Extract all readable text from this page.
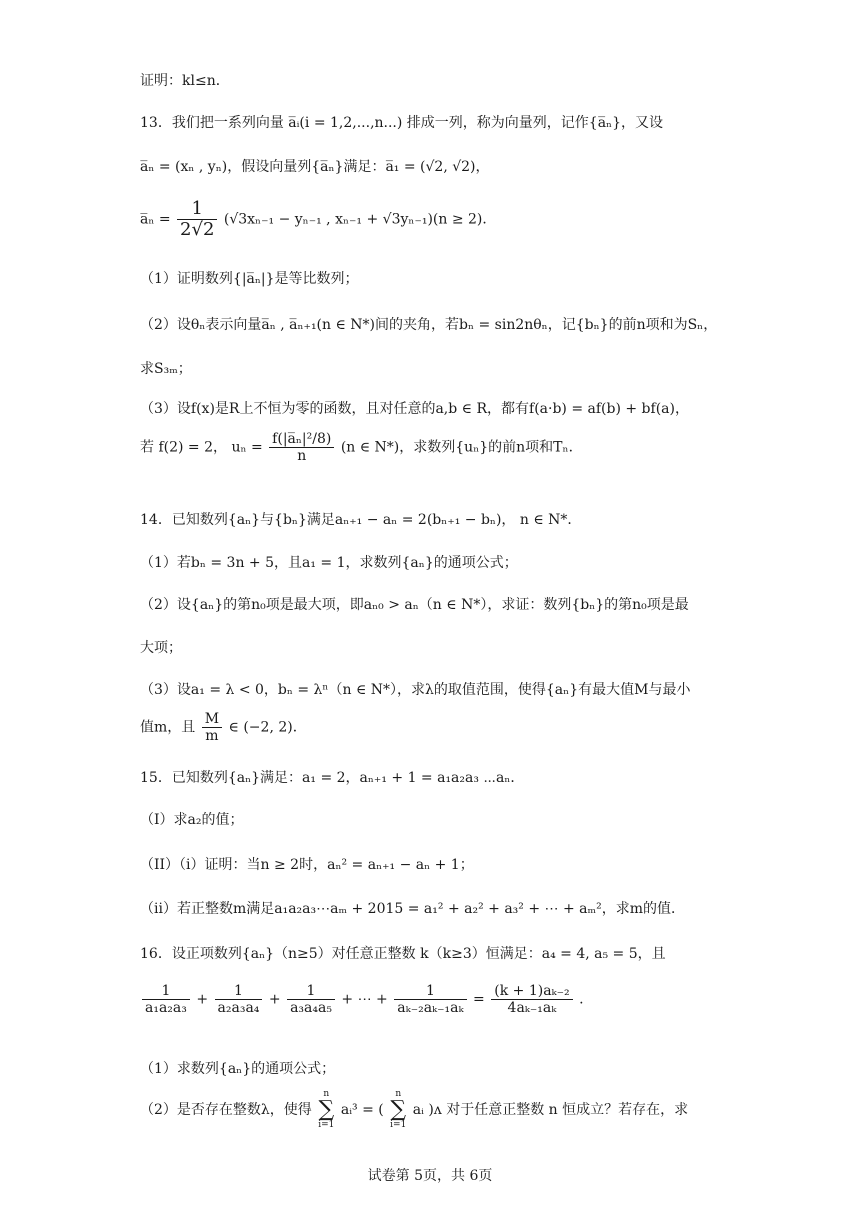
证明：kl≤n．
13．我们把一系列向量 a̅ᵢ(i = 1,2,...,n...) 排成一列，称为向量列，记作{a̅ₙ}，又设
a̅ₙ = (xₙ , yₙ)，假设向量列{a̅ₙ}满足：a̅₁ = (√2, √2)，
a̅ₙ = $\frac{1}{2√2} (√3x_{n-1} - y_{n-1}$ , xₙ₋₁ + √3yₙ₋₁)(n ≥ 2)．
（1）证明数列{|a̅ₙ|}是等比数列；
（2）设θₙ表示向量a̅ₙ , a̅ₙ₊₁(n ∈ N*)间的夹角，若bₙ = sin2nθₙ，记{bₙ}的前n项和为Sₙ，
求S₃ₘ；
（3）设f(x)是R上不恒为零的函数，且对任意的a,b ∈ R，都有f(a·b) = af(b) + bf(a)，
若 f(2) = 2， $u_n = \frac{\text{f(|a̅ₙ|²/8)}}{n} (n$ ∈ N*)，求数列{uₙ}的前n项和Tₙ．
14．已知数列{aₙ}与{bₙ}满足aₙ₊₁ − aₙ = 2(bₙ₊₁ − bₙ)， n ∈ N*．
（1）若bₙ = 3n + 5，且a₁ = 1，求数列{aₙ}的通项公式；
（2）设{aₙ}的第n₀项是最大项，即aₙ₀ > aₙ（n ∈ N*），求证：数列{bₙ}的第n₀项是最
大项；
（3）设a₁ = λ < 0，bₙ = λⁿ（n ∈ N*），求λ的取值范围，使得{aₙ}有最大值M与最小
值m，且 $\frac{M}{m}$ ∈ (−2, 2)．
15．已知数列{aₙ}满足：a₁ = 2，aₙ₊₁ + 1 = a₁a₂a₃ ⋯aₙ．
（I）求a₂的值；
（II）（i）证明：当n ≥ 2时，aₙ² = aₙ₊₁ − aₙ + 1；
（ii）若正整数m满足a₁a₂a₃⋯aₘ + 2015 = a₁² + a₂² + a₃² + ⋯ + aₘ²，求m的值．
16．设正项数列{aₙ}（n≥5）对任意正整数 k（k≥3）恒满足：a₄ = 4, a₅ = 5，且
$\frac{1}{\text{a₁a₂a₃}} + \frac{1}{\text{a₂a₃a₄}} + \frac{1}{\text{a₃a₄a₅}}$ + ⋯ + $\frac{1}{\text{aₖ₋₂aₖ₋₁aₖ}} = \frac{\text{(k + 1)aₖ₋₂}}{\text{4aₖ₋₁aₖ}}$ .
（1）求数列{aₙ}的通项公式；
（2）是否存在整数λ，使得
n
∑
i=1
aᵢ³ = (
n
∑
i=1
aᵢ )ᴧ 对于任意正整数 n 恒成立？若存在，求
试卷第 5页，共 6页
